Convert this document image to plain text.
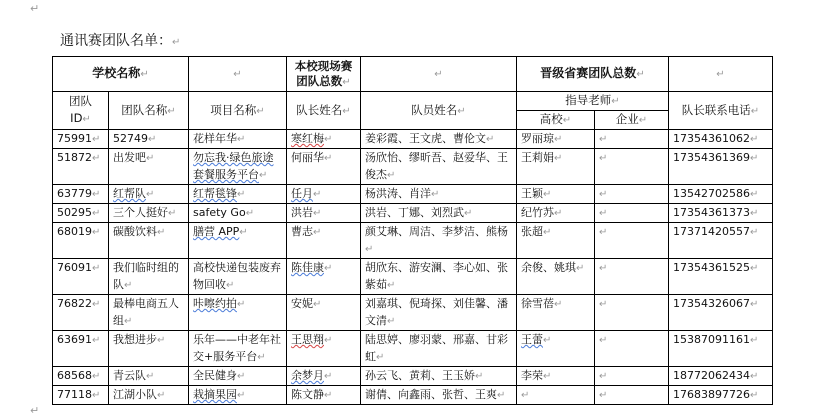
↵
通讯赛团队名单：↵
学校名称↵		↵	本校现场赛团队总数↵	↵	晋级省赛团队总数↵		↵
团队 ID↵	团队名称↵	项目名称↵	队长姓名↵	队员姓名↵	指导老师↵		队长联系电话↵
					高校↵	企业↵	
75991↵	52749↵	花样年华↵	寒红梅↵	姜彩霞、王文虎、曹伦文↵	罗丽琼↵	↵	17354361062↵
51872↵	出发吧↵	勿忘我·绿色旅途套餐服务平台↵	何丽华↵	汤欣怡、缪昕吾、赵爱华、王俊杰↵	王莉娟↵	↵	17354361369↵
63779↵	红帮队↵	红帮毯锋↵	任月↵	杨洪涛、肖洋↵	王颖↵	↵	13542702586↵
50295↵	三个人挺好↵	safety Go↵	洪岩↵	洪岩、丁娜、刘烈武↵	纪竹苏↵	↵	17354361373↵
68019↵	碳酸饮料↵	膳营 APP↵	曹志↵	颜艾琳、周洁、李梦洁、熊杨↵	张超↵	↵	17371420557↵
76091↵	我们临时组的队↵	高校快递包装废弃物回收↵	陈佳康↵	胡欣东、游安澜、李心如、张紫茹↵	余俊、姚琪↵	↵	17354361525↵
76822↵	最棒电商五人组↵	咔嚓约拍↵	安妮↵	刘嘉琪、倪琦探、刘佳馨、潘文清↵	徐雪蓓↵	↵	17354326067↵
63691↵	我想进步↵	乐年——中老年社交+服务平台↵	王思翔↵	陆思婷、廖羽蒙、邢嘉、甘彩虹↵	王蕾↵	↵	15387091161↵
68568↵	青云队↵	全民健身↵	余梦月↵	孙云飞、黄莉、王玉娇↵	李荣↵	↵	18772062434↵
77118↵	江湖小队↵	栽摘果园↵	陈文静↵	谢倩、向鑫雨、张哲、王爽↵	↵	↵	17683897726↵
↵
